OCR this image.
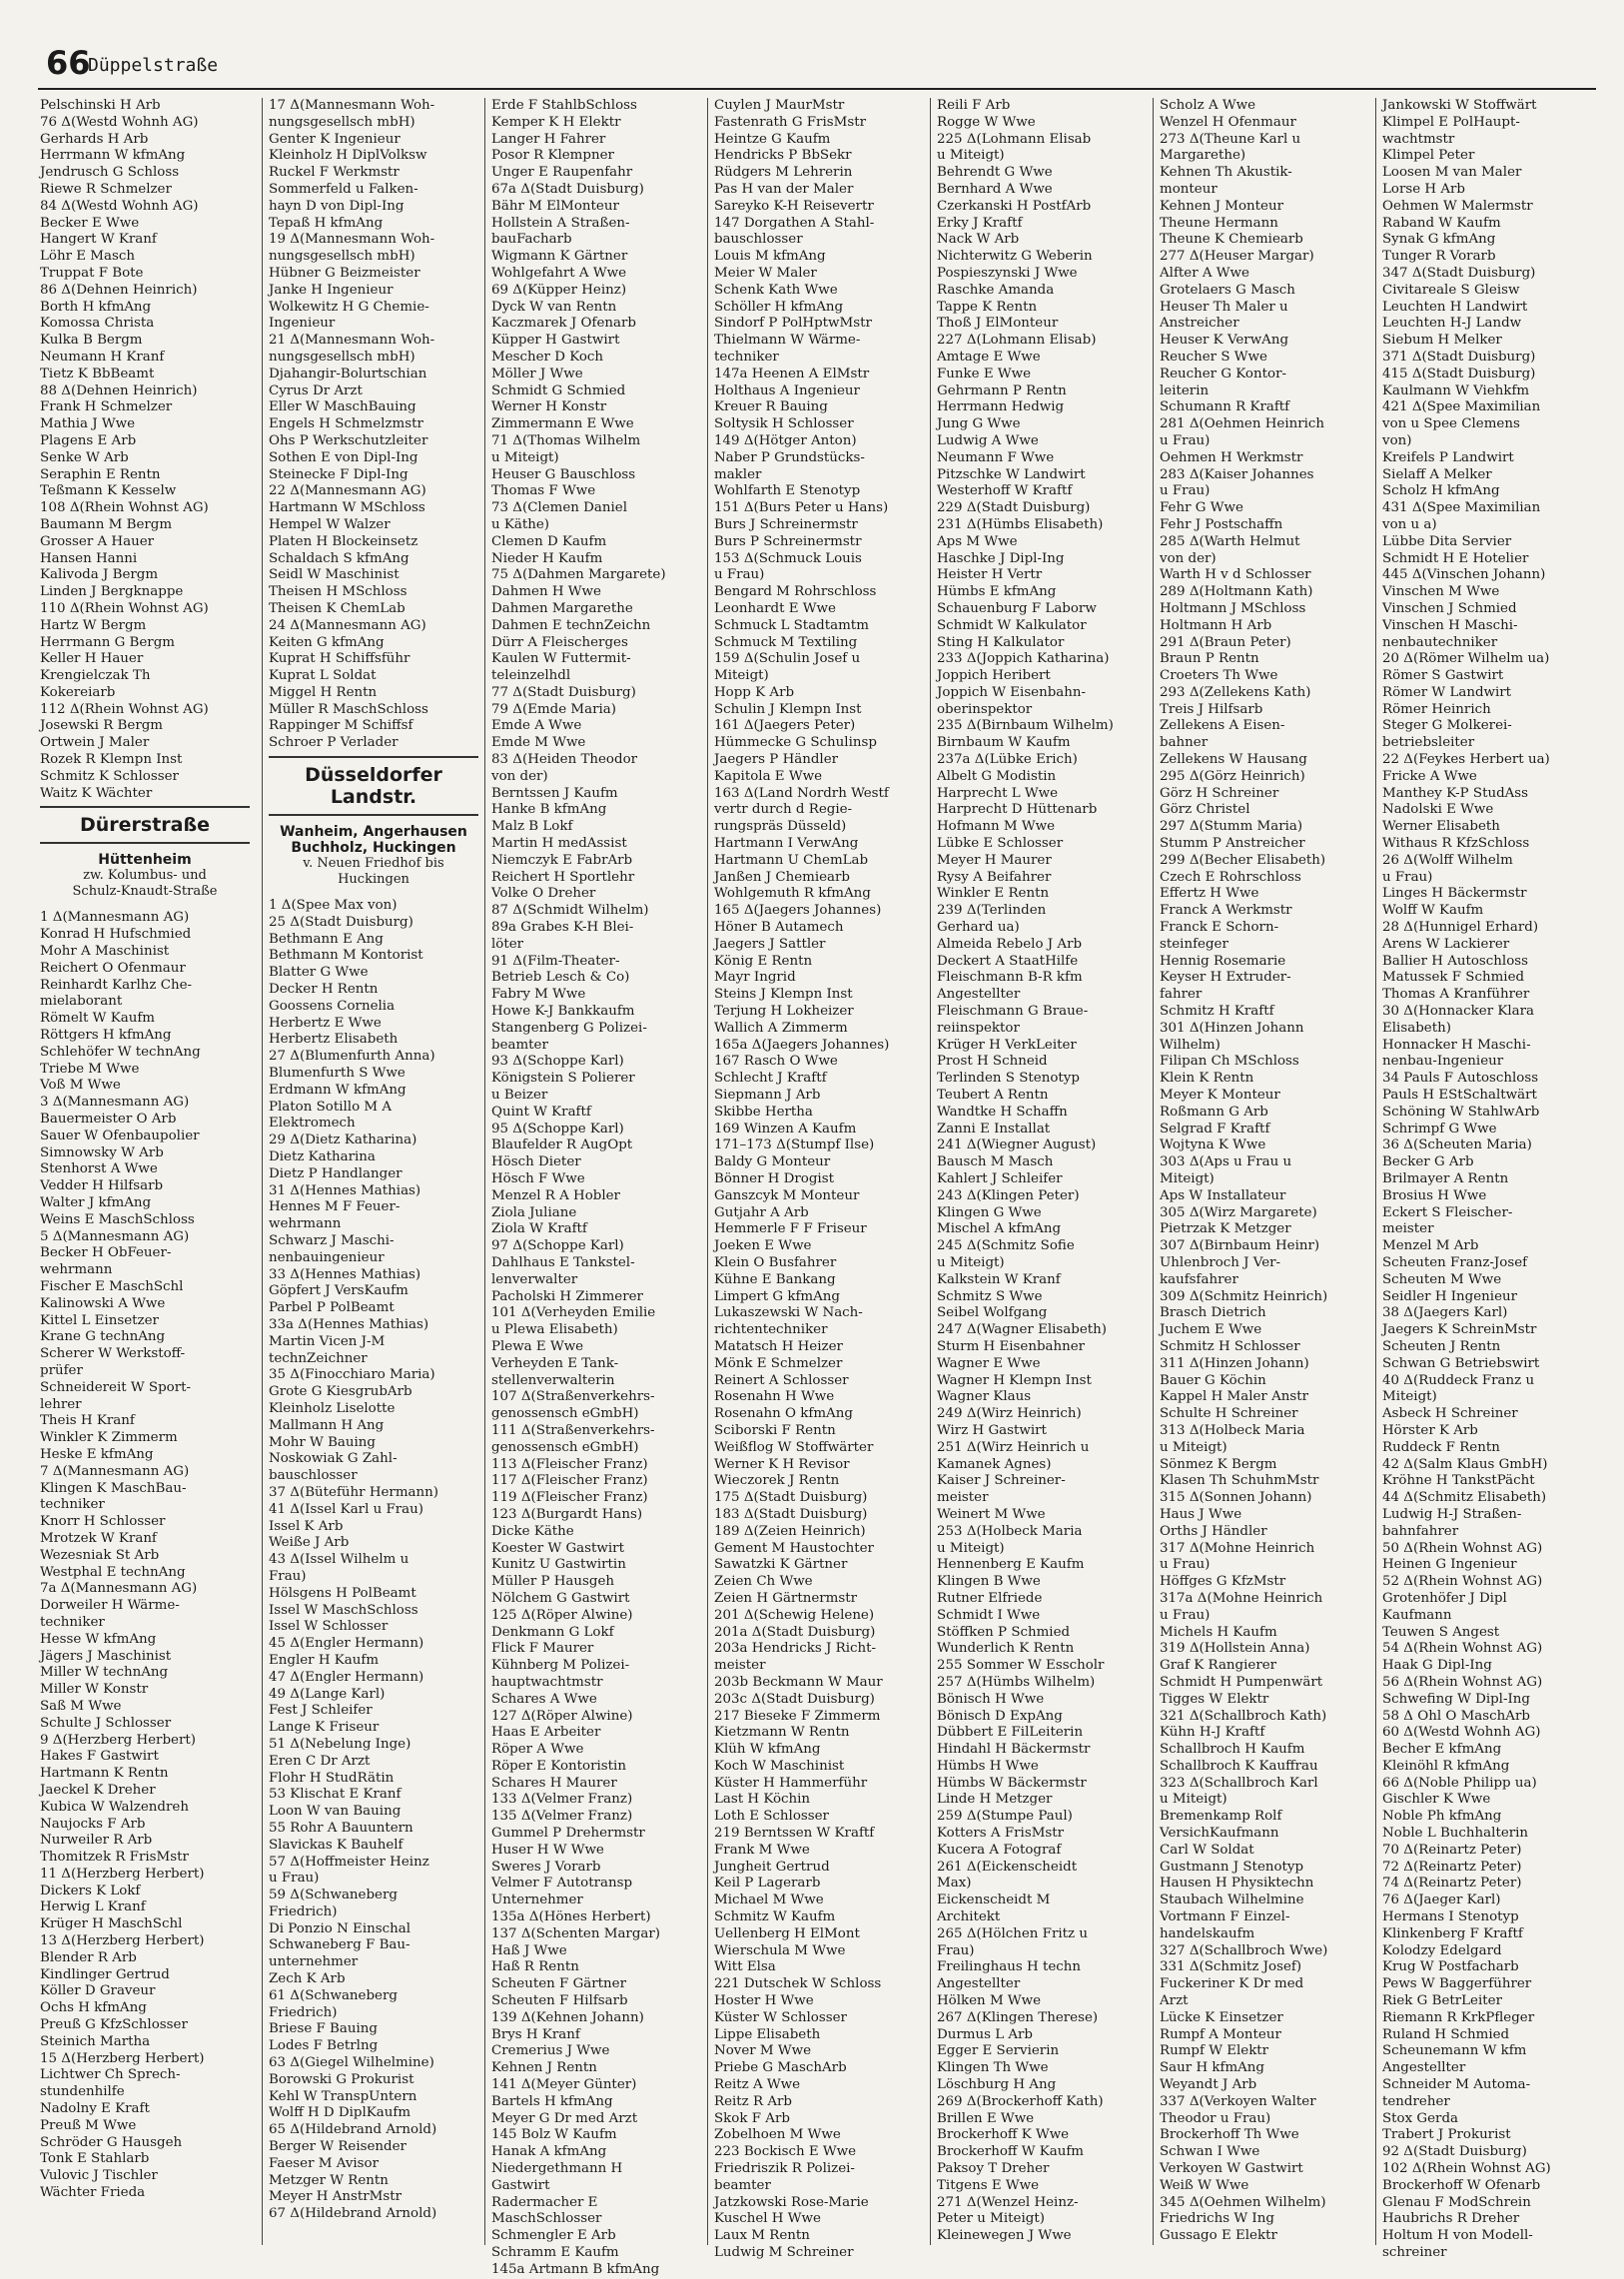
66
Düppelstraße
Pelschinski H Arb
76 Δ(Westd Wohnh AG)
Gerhards H Arb
Herrmann W kfmAng
Jendrusch G Schloss
Riewe R Schmelzer
84 Δ(Westd Wohnh AG)
Becker E Wwe
Hangert W Kranf
Löhr E Masch
Truppat F Bote
86 Δ(Dehnen Heinrich)
Borth H kfmAng
Komossa Christa
Kulka B Bergm
Neumann H Kranf
Tietz K BbBeamt
88 Δ(Dehnen Heinrich)
Frank H Schmelzer
Mathia J Wwe
Plagens E Arb
Senke W Arb
Seraphin E Rentn
Teßmann K Kesselw
108 Δ(Rhein Wohnst AG)
Baumann M Bergm
Grosser A Hauer
Hansen Hanni
Kalivoda J Bergm
Linden J Bergknappe
110 Δ(Rhein Wohnst AG)
Hartz W Bergm
Herrmann G Bergm
Keller H Hauer
Krengielczak Th
Kokereiarb
112 Δ(Rhein Wohnst AG)
Josewski R Bergm
Ortwein J Maler
Rozek R Klempn Inst
Schmitz K Schlosser
Waitz K Wächter
Dürerstraße
Hüttenheim
zw. Kolumbus- und
Schulz-Knaudt-Straße
1 Δ(Mannesmann AG)
Konrad H Hufschmied
Mohr A Maschinist
Reichert O Ofenmaur
Reinhardt Karlhz Che-
mielaborant
Römelt W Kaufm
Röttgers H kfmAng
Schlehöfer W technAng
Triebe M Wwe
Voß M Wwe
3 Δ(Mannesmann AG)
Bauermeister O Arb
Sauer W Ofenbaupolier
Simnowsky W Arb
Stenhorst A Wwe
Vedder H Hilfsarb
Walter J kfmAng
Weins E MaschSchloss
5 Δ(Mannesmann AG)
Becker H ObFeuer-
wehrmann
Fischer E MaschSchl
Kalinowski A Wwe
Kittel L Einsetzer
Krane G technAng
Scherer W Werkstoff-
prüfer
Schneidereit W Sport-
lehrer
Theis H Kranf
Winkler K Zimmerm
Heske E kfmAng
7 Δ(Mannesmann AG)
Klingen K MaschBau-
techniker
Knorr H Schlosser
Mrotzek W Kranf
Wezesniak St Arb
Westphal E technAng
7a Δ(Mannesmann AG)
Dorweiler H Wärme-
techniker
Hesse W kfmAng
Jägers J Maschinist
Miller W technAng
Miller W Konstr
Saß M Wwe
Schulte J Schlosser
9 Δ(Herzberg Herbert)
Hakes F Gastwirt
Hartmann K Rentn
Jaeckel K Dreher
Kubica W Walzendreh
Naujocks F Arb
Nurweiler R Arb
Thomitzek R FrisMstr
11 Δ(Herzberg Herbert)
Dickers K Lokf
Herwig L Kranf
Krüger H MaschSchl
13 Δ(Herzberg Herbert)
Blender R Arb
Kindlinger Gertrud
Köller D Graveur
Ochs H kfmAng
Preuß G KfzSchlosser
Steinich Martha
15 Δ(Herzberg Herbert)
Lichtwer Ch Sprech-
stundenhilfe
Nadolny E Kraft
Preuß M Wwe
Schröder G Hausgeh
Tonk E Stahlarb
Vulovic J Tischler
Wächter Frieda
17 Δ(Mannesmann Woh-
nungsgesellsch mbH)
Genter K Ingenieur
Kleinholz H DiplVolksw
Ruckel F Werkmstr
Sommerfeld u Falken-
hayn D von Dipl-Ing
Tepaß H kfmAng
19 Δ(Mannesmann Woh-
nungsgesellsch mbH)
Hübner G Beizmeister
Janke H Ingenieur
Wolkewitz H G Chemie-
Ingenieur
21 Δ(Mannesmann Woh-
nungsgesellsch mbH)
Djahangir-Bolurtschian
Cyrus Dr Arzt
Eller W MaschBauing
Engels H Schmelzmstr
Ohs P Werkschutzleiter
Sothen E von Dipl-Ing
Steinecke F Dipl-Ing
22 Δ(Mannesmann AG)
Hartmann W MSchloss
Hempel W Walzer
Platen H Blockeinsetz
Schaldach S kfmAng
Seidl W Maschinist
Theisen H MSchloss
Theisen K ChemLab
24 Δ(Mannesmann AG)
Keiten G kfmAng
Kuprat H Schiffsführ
Kuprat L Soldat
Miggel H Rentn
Müller R MaschSchloss
Rappinger M Schiffsf
Schroer P Verlader
Düsseldorfer Landstr.
Wanheim, Angerhausen Buchholz, Huckingen
v. Neuen Friedhof bis
Huckingen
1 Δ(Spee Max von)
25 Δ(Stadt Duisburg)
Bethmann E Ang
Bethmann M Kontorist
Blatter G Wwe
Decker H Rentn
Goossens Cornelia
Herbertz E Wwe
Herbertz Elisabeth
27 Δ(Blumenfurth Anna)
Blumenfurth S Wwe
Erdmann W kfmAng
Platon Sotillo M A
Elektromech
29 Δ(Dietz Katharina)
Dietz Katharina
Dietz P Handlanger
31 Δ(Hennes Mathias)
Hennes M F Feuer-
wehrmann
Schwarz J Maschi-
nenbauingenieur
33 Δ(Hennes Mathias)
Göpfert J VersKaufm
Parbel P PolBeamt
33a Δ(Hennes Mathias)
Martin Vicen J-M
technZeichner
35 Δ(Finocchiaro Maria)
Grote G KiesgrubArb
Kleinholz Liselotte
Mallmann H Ang
Mohr W Bauing
Noskowiak G Zahl-
bauschlosser
37 Δ(Büteführ Hermann)
41 Δ(Issel Karl u Frau)
Issel K Arb
Weiße J Arb
43 Δ(Issel Wilhelm u
Frau)
Hölsgens H PolBeamt
Issel W MaschSchloss
Issel W Schlosser
45 Δ(Engler Hermann)
Engler H Kaufm
47 Δ(Engler Hermann)
49 Δ(Lange Karl)
Fest J Schleifer
Lange K Friseur
51 Δ(Nebelung Inge)
Eren C Dr Arzt
Flohr H StudRätin
53 Klischat E Kranf
Loon W van Bauing
55 Rohr A Bauuntern
Slavickas K Bauhelf
57 Δ(Hoffmeister Heinz
u Frau)
59 Δ(Schwaneberg
Friedrich)
Di Ponzio N Einschal
Schwaneberg F Bau-
unternehmer
Zech K Arb
61 Δ(Schwaneberg
Friedrich)
Briese F Bauing
Lodes F Betrlng
63 Δ(Giegel Wilhelmine)
Borowski G Prokurist
Kehl W TranspUntern
Wolff H D DiplKaufm
65 Δ(Hildebrand Arnold)
Berger W Reisender
Faeser M Avisor
Metzger W Rentn
Meyer H AnstrMstr
67 Δ(Hildebrand Arnold)
Erde F StahlbSchloss
Kemper K H Elektr
Langer H Fahrer
Posor R Klempner
Unger E Raupenfahr
67a Δ(Stadt Duisburg)
Bähr M ElMonteur
Hollstein A Straßen-
bauFacharb
Wigmann K Gärtner
Wohlgefahrt A Wwe
69 Δ(Küpper Heinz)
Dyck W van Rentn
Kaczmarek J Ofenarb
Küpper H Gastwirt
Mescher D Koch
Möller J Wwe
Schmidt G Schmied
Werner H Konstr
Zimmermann E Wwe
71 Δ(Thomas Wilhelm
u Miteigt)
Heuser G Bauschloss
Thomas F Wwe
73 Δ(Clemen Daniel
u Käthe)
Clemen D Kaufm
Nieder H Kaufm
75 Δ(Dahmen Margarete)
Dahmen H Wwe
Dahmen Margarethe
Dahmen E technZeichn
Dürr A Fleischerges
Kaulen W Futtermit-
teleinzelhdl
77 Δ(Stadt Duisburg)
79 Δ(Emde Maria)
Emde A Wwe
Emde M Wwe
83 Δ(Heiden Theodor
von der)
Berntssen J Kaufm
Hanke B kfmAng
Malz B Lokf
Martin H medAssist
Niemczyk E FabrArb
Reichert H Sportlehr
Volke O Dreher
87 Δ(Schmidt Wilhelm)
89a Grabes K-H Blei-
löter
91 Δ(Film-Theater-
Betrieb Lesch & Co)
Fabry M Wwe
Howe K-J Bankkaufm
Stangenberg G Polizei-
beamter
93 Δ(Schoppe Karl)
Königstein S Polierer
u Beizer
Quint W Kraftf
95 Δ(Schoppe Karl)
Blaufelder R AugOpt
Hösch Dieter
Hösch F Wwe
Menzel R A Hobler
Ziola Juliane
Ziola W Kraftf
97 Δ(Schoppe Karl)
Dahlhaus E Tankstel-
lenverwalter
Pacholski H Zimmerer
101 Δ(Verheyden Emilie
u Plewa Elisabeth)
Plewa E Wwe
Verheyden E Tank-
stellenverwalterin
107 Δ(Straßenverkehrs-
genossensch eGmbH)
111 Δ(Straßenverkehrs-
genossensch eGmbH)
113 Δ(Fleischer Franz)
117 Δ(Fleischer Franz)
119 Δ(Fleischer Franz)
123 Δ(Burgardt Hans)
Dicke Käthe
Koester W Gastwirt
Kunitz U Gastwirtin
Müller P Hausgeh
Nölchem G Gastwirt
125 Δ(Röper Alwine)
Denkmann G Lokf
Flick F Maurer
Kühnberg M Polizei-
hauptwachtmstr
Schares A Wwe
127 Δ(Röper Alwine)
Haas E Arbeiter
Röper A Wwe
Röper E Kontoristin
Schares H Maurer
133 Δ(Velmer Franz)
135 Δ(Velmer Franz)
Gummel P Drehermstr
Huser H W Wwe
Sweres J Vorarb
Velmer F Autotransp
Unternehmer
135a Δ(Hönes Herbert)
137 Δ(Schenten Margar)
Haß J Wwe
Haß R Rentn
Scheuten F Gärtner
Scheuten F Hilfsarb
139 Δ(Kehnen Johann)
Brys H Kranf
Cremerius J Wwe
Kehnen J Rentn
141 Δ(Meyer Günter)
Bartels H kfmAng
Meyer G Dr med Arzt
145 Bolz W Kaufm
Hanak A kfmAng
Niedergethmann H
Gastwirt
Radermacher E
MaschSchlosser
Schmengler E Arb
Schramm E Kaufm
145a Artmann B kfmAng
Cuylen J MaurMstr
Fastenrath G FrisMstr
Heintze G Kaufm
Hendricks P BbSekr
Rüdgers M Lehrerin
Pas H van der Maler
Sareyko K-H Reisevertr
147 Dorgathen A Stahl-
bauschlosser
Louis M kfmAng
Meier W Maler
Schenk Kath Wwe
Schöller H kfmAng
Sindorf P PolHptwMstr
Thielmann W Wärme-
techniker
147a Heenen A ElMstr
Holthaus A Ingenieur
Kreuer R Bauing
Soltysik H Schlosser
149 Δ(Hötger Anton)
Naber P Grundstücks-
makler
Wohlfarth E Stenotyp
151 Δ(Burs Peter u Hans)
Burs J Schreinermstr
Burs P Schreinermstr
153 Δ(Schmuck Louis
u Frau)
Bengard M Rohrschloss
Leonhardt E Wwe
Schmuck L Stadtamtm
Schmuck M Textiling
159 Δ(Schulin Josef u
Miteigt)
Hopp K Arb
Schulin J Klempn Inst
161 Δ(Jaegers Peter)
Hümmecke G Schulinsp
Jaegers P Händler
Kapitola E Wwe
163 Δ(Land Nordrh Westf
vertr durch d Regie-
rungspräs Düsseld)
Hartmann I VerwAng
Hartmann U ChemLab
Janßen J Chemiearb
Wohlgemuth R kfmAng
165 Δ(Jaegers Johannes)
Höner B Autamech
Jaegers J Sattler
König E Rentn
Mayr Ingrid
Steins J Klempn Inst
Terjung H Lokheizer
Wallich A Zimmerm
165a Δ(Jaegers Johannes)
167 Rasch O Wwe
Schlecht J Kraftf
Siepmann J Arb
Skibbe Hertha
169 Winzen A Kaufm
171–173 Δ(Stumpf Ilse)
Baldy G Monteur
Bönner H Drogist
Ganszcyk M Monteur
Gutjahr A Arb
Hemmerle F F Friseur
Joeken E Wwe
Klein O Busfahrer
Kühne E Bankang
Limpert G kfmAng
Lukaszewski W Nach-
richtentechniker
Matatsch H Heizer
Mönk E Schmelzer
Reinert A Schlosser
Rosenahn H Wwe
Rosenahn O kfmAng
Sciborski F Rentn
Weißflog W Stoffwärter
Werner K H Revisor
Wieczorek J Rentn
175 Δ(Stadt Duisburg)
183 Δ(Stadt Duisburg)
189 Δ(Zeien Heinrich)
Gement M Haustochter
Sawatzki K Gärtner
Zeien Ch Wwe
Zeien H Gärtnermstr
201 Δ(Schewig Helene)
201a Δ(Stadt Duisburg)
203a Hendricks J Richt-
meister
203b Beckmann W Maur
203c Δ(Stadt Duisburg)
217 Bieseke F Zimmerm
Kietzmann W Rentn
Klüh W kfmAng
Koch W Maschinist
Küster H Hammerführ
Last H Köchin
Loth E Schlosser
219 Berntssen W Kraftf
Frank M Wwe
Jungheit Gertrud
Keil P Lagerarb
Michael M Wwe
Schmitz W Kaufm
Uellenberg H ElMont
Wierschula M Wwe
Witt Elsa
221 Dutschek W Schloss
Hoster H Wwe
Küster W Schlosser
Lippe Elisabeth
Nover M Wwe
Priebe G MaschArb
Reitz A Wwe
Reitz R Arb
Skok F Arb
Zobelhoen M Wwe
223 Bockisch E Wwe
Friedriszik R Polizei-
beamter
Jatzkowski Rose-Marie
Kuschel H Wwe
Laux M Rentn
Ludwig M Schreiner
Reili F Arb
Rogge W Wwe
225 Δ(Lohmann Elisab
u Miteigt)
Behrendt G Wwe
Bernhard A Wwe
Czerkanski H PostfArb
Erky J Kraftf
Nack W Arb
Nichterwitz G Weberin
Pospieszynski J Wwe
Raschke Amanda
Tappe K Rentn
Thoß J ElMonteur
227 Δ(Lohmann Elisab)
Amtage E Wwe
Funke E Wwe
Gehrmann P Rentn
Herrmann Hedwig
Jung G Wwe
Ludwig A Wwe
Neumann F Wwe
Pitzschke W Landwirt
Westerhoff W Kraftf
229 Δ(Stadt Duisburg)
231 Δ(Hümbs Elisabeth)
Aps M Wwe
Haschke J Dipl-Ing
Heister H Vertr
Hümbs E kfmAng
Schauenburg F Laborw
Schmidt W Kalkulator
Sting H Kalkulator
233 Δ(Joppich Katharina)
Joppich Heribert
Joppich W Eisenbahn-
oberinspektor
235 Δ(Birnbaum Wilhelm)
Birnbaum W Kaufm
237a Δ(Lübke Erich)
Albelt G Modistin
Harprecht L Wwe
Harprecht D Hüttenarb
Hofmann M Wwe
Lübke E Schlosser
Meyer H Maurer
Rysy A Beifahrer
Winkler E Rentn
239 Δ(Terlinden
Gerhard ua)
Almeida Rebelo J Arb
Deckert A StaatHilfe
Fleischmann B-R kfm
Angestellter
Fleischmann G Braue-
reiinspektor
Krüger H VerkLeiter
Prost H Schneid
Terlinden S Stenotyp
Teubert A Rentn
Wandtke H Schaffn
Zanni E Installat
241 Δ(Wiegner August)
Bausch M Masch
Kahlert J Schleifer
243 Δ(Klingen Peter)
Klingen G Wwe
Mischel A kfmAng
245 Δ(Schmitz Sofie
u Miteigt)
Kalkstein W Kranf
Schmitz S Wwe
Seibel Wolfgang
247 Δ(Wagner Elisabeth)
Sturm H Eisenbahner
Wagner E Wwe
Wagner H Klempn Inst
Wagner Klaus
249 Δ(Wirz Heinrich)
Wirz H Gastwirt
251 Δ(Wirz Heinrich u
Kamanek Agnes)
Kaiser J Schreiner-
meister
Weinert M Wwe
253 Δ(Holbeck Maria
u Miteigt)
Hennenberg E Kaufm
Klingen B Wwe
Rutner Elfriede
Schmidt I Wwe
Stöffken P Schmied
Wunderlich K Rentn
255 Sommer W Esscholr
257 Δ(Hümbs Wilhelm)
Bönisch H Wwe
Bönisch D ExpAng
Dübbert E FilLeiterin
Hindahl H Bäckermstr
Hümbs H Wwe
Hümbs W Bäckermstr
Linde H Metzger
259 Δ(Stumpe Paul)
Kotters A FrisMstr
Kucera A Fotograf
261 Δ(Eickenscheidt
Max)
Eickenscheidt M
Architekt
265 Δ(Hölchen Fritz u
Frau)
Freilinghaus H techn
Angestellter
Hölken M Wwe
267 Δ(Klingen Therese)
Durmus L Arb
Egger E Servierin
Klingen Th Wwe
Löschburg H Ang
269 Δ(Brockerhoff Kath)
Brillen E Wwe
Brockerhoff K Wwe
Brockerhoff W Kaufm
Paksoy T Dreher
Titgens E Wwe
271 Δ(Wenzel Heinz-
Peter u Miteigt)
Kleinewegen J Wwe
Scholz A Wwe
Wenzel H Ofenmaur
273 Δ(Theune Karl u
Margarethe)
Kehnen Th Akustik-
monteur
Kehnen J Monteur
Theune Hermann
Theune K Chemiearb
277 Δ(Heuser Margar)
Alfter A Wwe
Grotelaers G Masch
Heuser Th Maler u
Anstreicher
Heuser K VerwAng
Reucher S Wwe
Reucher G Kontor-
leiterin
Schumann R Kraftf
281 Δ(Oehmen Heinrich
u Frau)
Oehmen H Werkmstr
283 Δ(Kaiser Johannes
u Frau)
Fehr G Wwe
Fehr J Postschaffn
285 Δ(Warth Helmut
von der)
Warth H v d Schlosser
289 Δ(Holtmann Kath)
Holtmann J MSchloss
Holtmann H Arb
291 Δ(Braun Peter)
Braun P Rentn
Croeters Th Wwe
293 Δ(Zellekens Kath)
Treis J Hilfsarb
Zellekens A Eisen-
bahner
Zellekens W Hausang
295 Δ(Görz Heinrich)
Görz H Schreiner
Görz Christel
297 Δ(Stumm Maria)
Stumm P Anstreicher
299 Δ(Becher Elisabeth)
Czech E Rohrschloss
Effertz H Wwe
Franck A Werkmstr
Franck E Schorn-
steinfeger
Hennig Rosemarie
Keyser H Extruder-
fahrer
Schmitz H Kraftf
301 Δ(Hinzen Johann
Wilhelm)
Filipan Ch MSchloss
Klein K Rentn
Meyer K Monteur
Roßmann G Arb
Selgrad F Kraftf
Wojtyna K Wwe
303 Δ(Aps u Frau u
Miteigt)
Aps W Installateur
305 Δ(Wirz Margarete)
Pietrzak K Metzger
307 Δ(Birnbaum Heinr)
Uhlenbroch J Ver-
kaufsfahrer
309 Δ(Schmitz Heinrich)
Brasch Dietrich
Juchem E Wwe
Schmitz H Schlosser
311 Δ(Hinzen Johann)
Bauer G Köchin
Kappel H Maler Anstr
Schulte H Schreiner
313 Δ(Holbeck Maria
u Miteigt)
Sönmez K Bergm
Klasen Th SchuhmMstr
315 Δ(Sonnen Johann)
Haus J Wwe
Orths J Händler
317 Δ(Mohne Heinrich
u Frau)
Höffges G KfzMstr
317a Δ(Mohne Heinrich
u Frau)
Michels H Kaufm
319 Δ(Hollstein Anna)
Graf K Rangierer
Schmidt H Pumpenwärt
Tigges W Elektr
321 Δ(Schallbroch Kath)
Kühn H-J Kraftf
Schallbroch H Kaufm
Schallbroch K Kauffrau
323 Δ(Schallbroch Karl
u Miteigt)
Bremenkamp Rolf
VersichKaufmann
Carl W Soldat
Gustmann J Stenotyp
Hausen H Physiktechn
Staubach Wilhelmine
Vortmann F Einzel-
handelskaufm
327 Δ(Schallbroch Wwe)
331 Δ(Schmitz Josef)
Fuckeriner K Dr med
Arzt
Lücke K Einsetzer
Rumpf A Monteur
Rumpf W Elektr
Saur H kfmAng
Weyandt J Arb
337 Δ(Verkoyen Walter
Theodor u Frau)
Brockerhoff Th Wwe
Schwan I Wwe
Verkoyen W Gastwirt
Weiß W Wwe
345 Δ(Oehmen Wilhelm)
Friedrichs W Ing
Gussago E Elektr
Jankowski W Stoffwärt
Klimpel E PolHaupt-
wachtmstr
Klimpel Peter
Loosen M van Maler
Lorse H Arb
Oehmen W Malermstr
Raband W Kaufm
Synak G kfmAng
Tunger R Vorarb
347 Δ(Stadt Duisburg)
Civitareale S Gleisw
Leuchten H Landwirt
Leuchten H-J Landw
Siebum H Melker
371 Δ(Stadt Duisburg)
415 Δ(Stadt Duisburg)
Kaulmann W Viehkfm
421 Δ(Spee Maximilian
von u Spee Clemens
von)
Kreifels P Landwirt
Sielaff A Melker
Scholz H kfmAng
431 Δ(Spee Maximilian
von u a)
Lübbe Dita Servier
Schmidt H E Hotelier
445 Δ(Vinschen Johann)
Vinschen M Wwe
Vinschen J Schmied
Vinschen H Maschi-
nenbautechniker
20 Δ(Römer Wilhelm ua)
Römer S Gastwirt
Römer W Landwirt
Römer Heinrich
Steger G Molkerei-
betriebsleiter
22 Δ(Feykes Herbert ua)
Fricke A Wwe
Manthey K-P StudAss
Nadolski E Wwe
Werner Elisabeth
Withaus R KfzSchloss
26 Δ(Wolff Wilhelm
u Frau)
Linges H Bäckermstr
Wolff W Kaufm
28 Δ(Hunnigel Erhard)
Arens W Lackierer
Ballier H Autoschloss
Matussek F Schmied
Thomas A Kranführer
30 Δ(Honnacker Klara
Elisabeth)
Honnacker H Maschi-
nenbau-Ingenieur
34 Pauls F Autoschloss
Pauls H EStSchaltwärt
Schöning W StahlwArb
Schrimpf G Wwe
36 Δ(Scheuten Maria)
Becker G Arb
Brilmayer A Rentn
Brosius H Wwe
Eckert S Fleischer-
meister
Menzel M Arb
Scheuten Franz-Josef
Scheuten M Wwe
Seidler H Ingenieur
38 Δ(Jaegers Karl)
Jaegers K SchreinMstr
Scheuten J Rentn
Schwan G Betriebswirt
40 Δ(Ruddeck Franz u
Miteigt)
Asbeck H Schreiner
Hörster K Arb
Ruddeck F Rentn
42 Δ(Salm Klaus GmbH)
Kröhne H TankstPächt
44 Δ(Schmitz Elisabeth)
Ludwig H-J Straßen-
bahnfahrer
50 Δ(Rhein Wohnst AG)
Heinen G Ingenieur
52 Δ(Rhein Wohnst AG)
Grotenhöfer J Dipl
Kaufmann
Teuwen S Angest
54 Δ(Rhein Wohnst AG)
Haak G Dipl-Ing
56 Δ(Rhein Wohnst AG)
Schwefing W Dipl-Ing
58 Δ Ohl O MaschArb
60 Δ(Westd Wohnh AG)
Becher E kfmAng
Kleinöhl R kfmAng
66 Δ(Noble Philipp ua)
Gischler K Wwe
Noble Ph kfmAng
Noble L Buchhalterin
70 Δ(Reinartz Peter)
72 Δ(Reinartz Peter)
74 Δ(Reinartz Peter)
76 Δ(Jaeger Karl)
Hermans I Stenotyp
Klinkenberg F Kraftf
Kolodzy Edelgard
Krug W Postfacharb
Pews W Baggerführer
Riek G BetrLeiter
Riemann R KrkPfleger
Ruland H Schmied
Scheunemann W kfm
Angestellter
Schneider M Automa-
tendreher
Stox Gerda
Trabert J Prokurist
92 Δ(Stadt Duisburg)
102 Δ(Rhein Wohnst AG)
Brockerhoff W Ofenarb
Glenau F ModSchrein
Haubrichs R Dreher
Holtum H von Modell-
schreiner
